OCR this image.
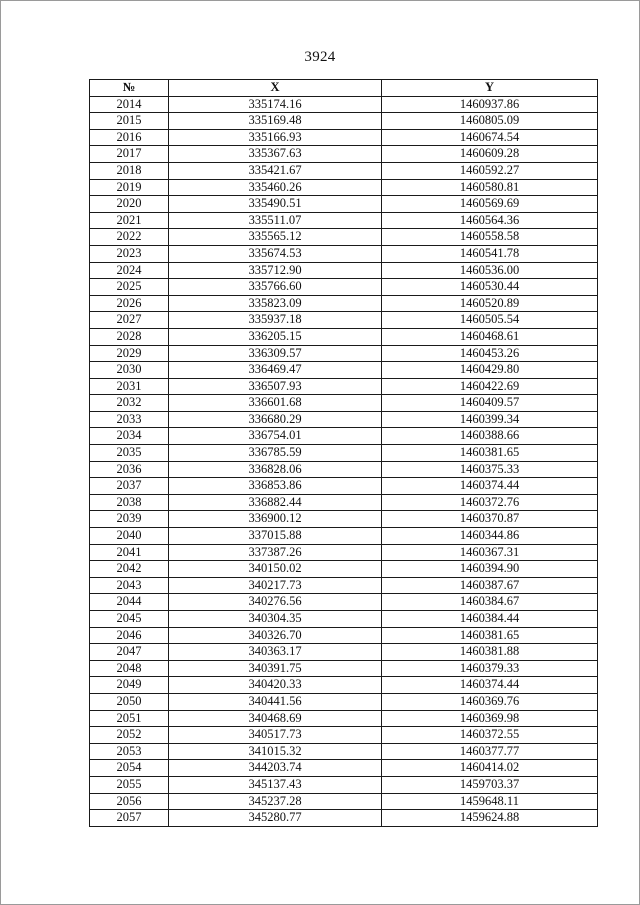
3924
№	X	Y
2014	335174.16	1460937.86
2015	335169.48	1460805.09
2016	335166.93	1460674.54
2017	335367.63	1460609.28
2018	335421.67	1460592.27
2019	335460.26	1460580.81
2020	335490.51	1460569.69
2021	335511.07	1460564.36
2022	335565.12	1460558.58
2023	335674.53	1460541.78
2024	335712.90	1460536.00
2025	335766.60	1460530.44
2026	335823.09	1460520.89
2027	335937.18	1460505.54
2028	336205.15	1460468.61
2029	336309.57	1460453.26
2030	336469.47	1460429.80
2031	336507.93	1460422.69
2032	336601.68	1460409.57
2033	336680.29	1460399.34
2034	336754.01	1460388.66
2035	336785.59	1460381.65
2036	336828.06	1460375.33
2037	336853.86	1460374.44
2038	336882.44	1460372.76
2039	336900.12	1460370.87
2040	337015.88	1460344.86
2041	337387.26	1460367.31
2042	340150.02	1460394.90
2043	340217.73	1460387.67
2044	340276.56	1460384.67
2045	340304.35	1460384.44
2046	340326.70	1460381.65
2047	340363.17	1460381.88
2048	340391.75	1460379.33
2049	340420.33	1460374.44
2050	340441.56	1460369.76
2051	340468.69	1460369.98
2052	340517.73	1460372.55
2053	341015.32	1460377.77
2054	344203.74	1460414.02
2055	345137.43	1459703.37
2056	345237.28	1459648.11
2057	345280.77	1459624.88
